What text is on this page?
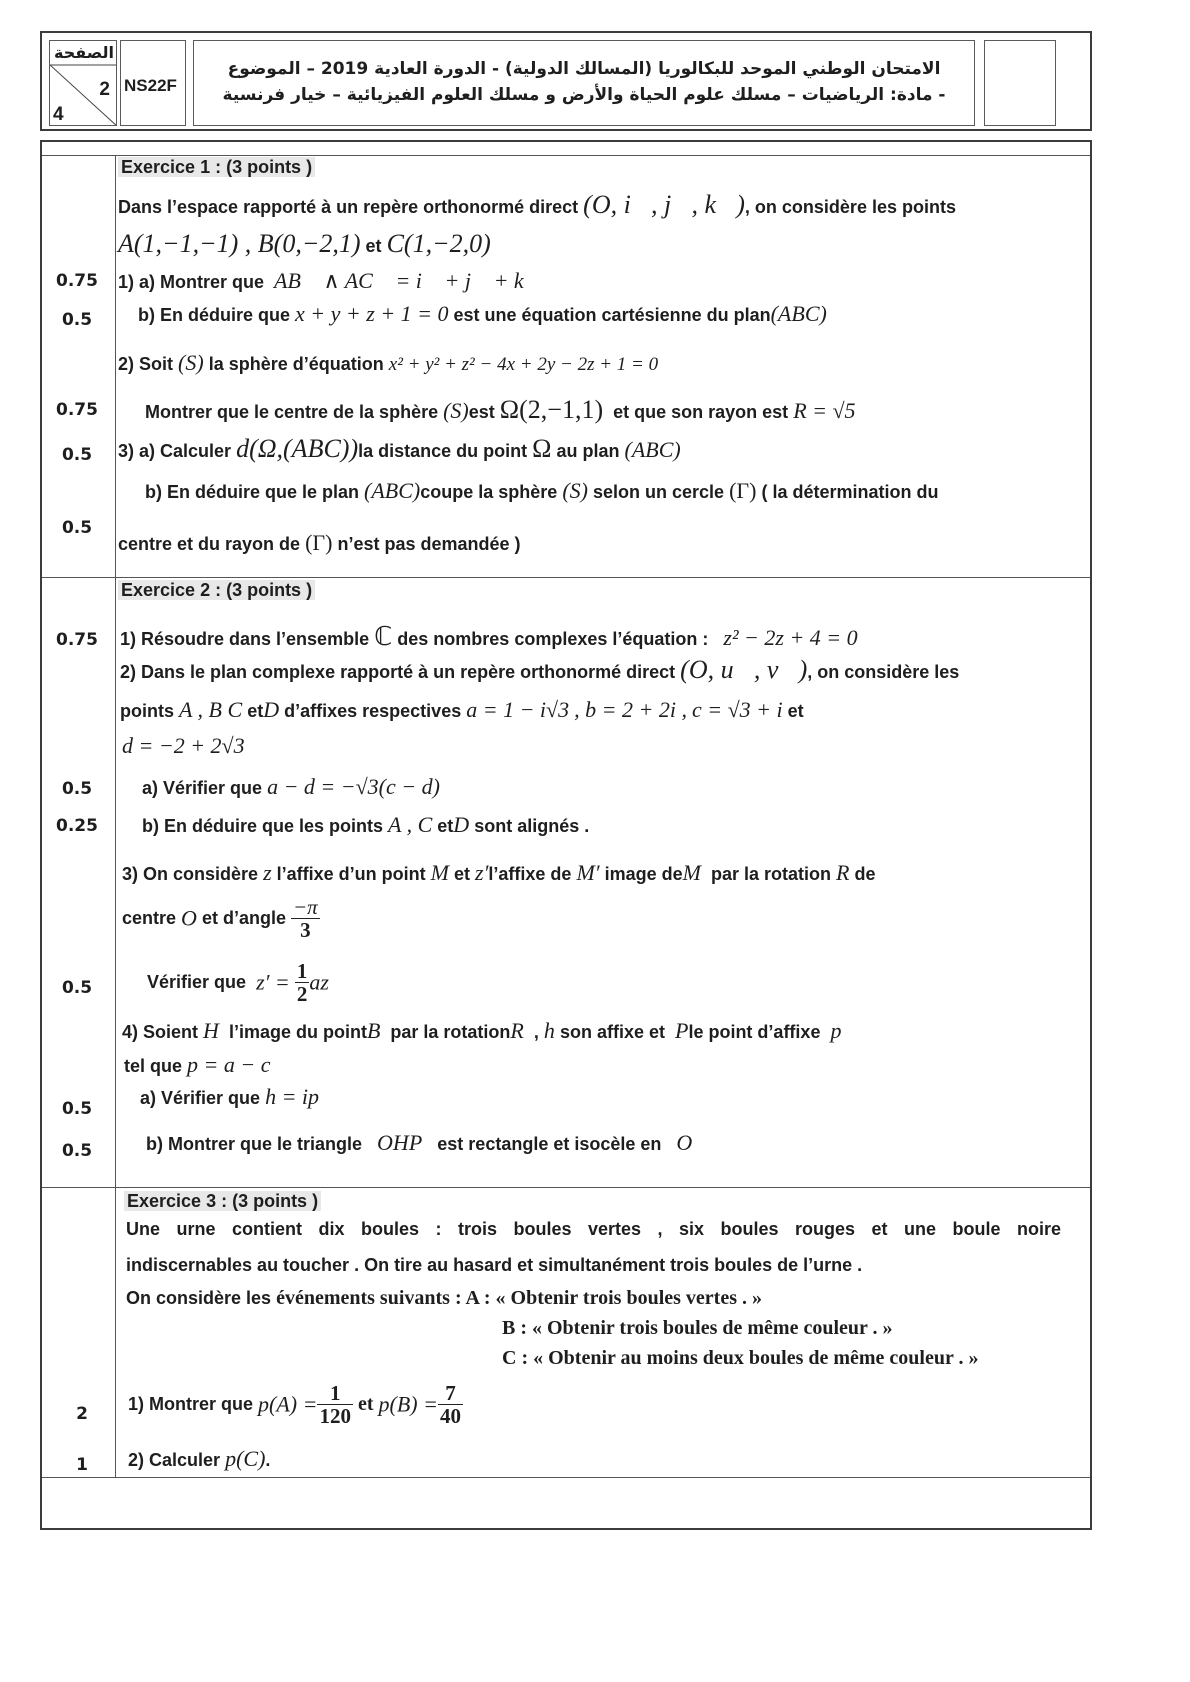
الصفحة
2
4
NS22F
الامتحان الوطني الموحد للبكالوريا (المسالك الدولية) - الدورة العادية 2019 – الموضوع
- مادة: الرياضيات – مسلك علوم الحياة والأرض و مسلك العلوم الفيزيائية – خيار فرنسية
Exercice 1 : (3 points )
Dans l’espace rapporté à un repère orthonormé direct (O, i⃗, j⃗, k⃗), on considère les points
A(1,−1,−1) , B(0,−2,1) et C(1,−2,0)
1) a) Montrer que AB⃗ ∧ AC⃗ = i⃗ + j⃗ + k⃗
b) En déduire que x + y + z + 1 = 0 est une équation cartésienne du plan(ABC)
2) Soit (S) la sphère d’équation x² + y² + z² − 4x + 2y − 2z + 1 = 0
Montrer que le centre de la sphère (S)est Ω(2,−1,1) et que son rayon est R = √5
3) a) Calculer d(Ω,(ABC))la distance du point Ω au plan (ABC)
b) En déduire que le plan (ABC)coupe la sphère (S) selon un cercle (Γ) ( la détermination du
centre et du rayon de (Γ) n’est pas demandée )
0.75
0.5
0.75
0.5
0.5
Exercice 2 : (3 points )
1) Résoudre dans l’ensemble ℂ des nombres complexes l’équation : z² − 2z + 4 = 0
2) Dans le plan complexe rapporté à un repère orthonormé direct (O, u⃗, v⃗), on considère les
points A , B C etD d’affixes respectives a = 1 − i√3 , b = 2 + 2i , c = √3 + i et
d = −2 + 2√3
a) Vérifier que a − d = −√3(c − d)
b) En déduire que les points A , C etD sont alignés .
3) On considère z l’affixe d’un point M et z′l’affixe de M′ image deM par la rotation R de
centre O et d’angle $\frac{-\pi}{3}$
Vérifier que $z' = \frac{1}{2}$ az
4) Soient H l’image du pointB par la rotationR , h son affixe et Ple point d’affixe p
tel que p = a − c
a) Vérifier que h = ip
b) Montrer que le triangle OHP est rectangle et isocèle en O
0.75
0.5
0.25
0.5
0.5
0.5
Exercice 3 : (3 points )
Une urne contient dix boules : trois boules vertes , six boules rouges et une boule noire
indiscernables au toucher . On tire au hasard et simultanément trois boules de l’urne .
On considère les événements suivants : A : « Obtenir trois boules vertes . »
B : « Obtenir trois boules de même couleur . »
C : « Obtenir au moins deux boules de même couleur . »
1) Montrer que $p(A) = \frac{1}{120}$ et $p(B) = \frac{7}{40}$
2) Calculer p(C).
2
1
